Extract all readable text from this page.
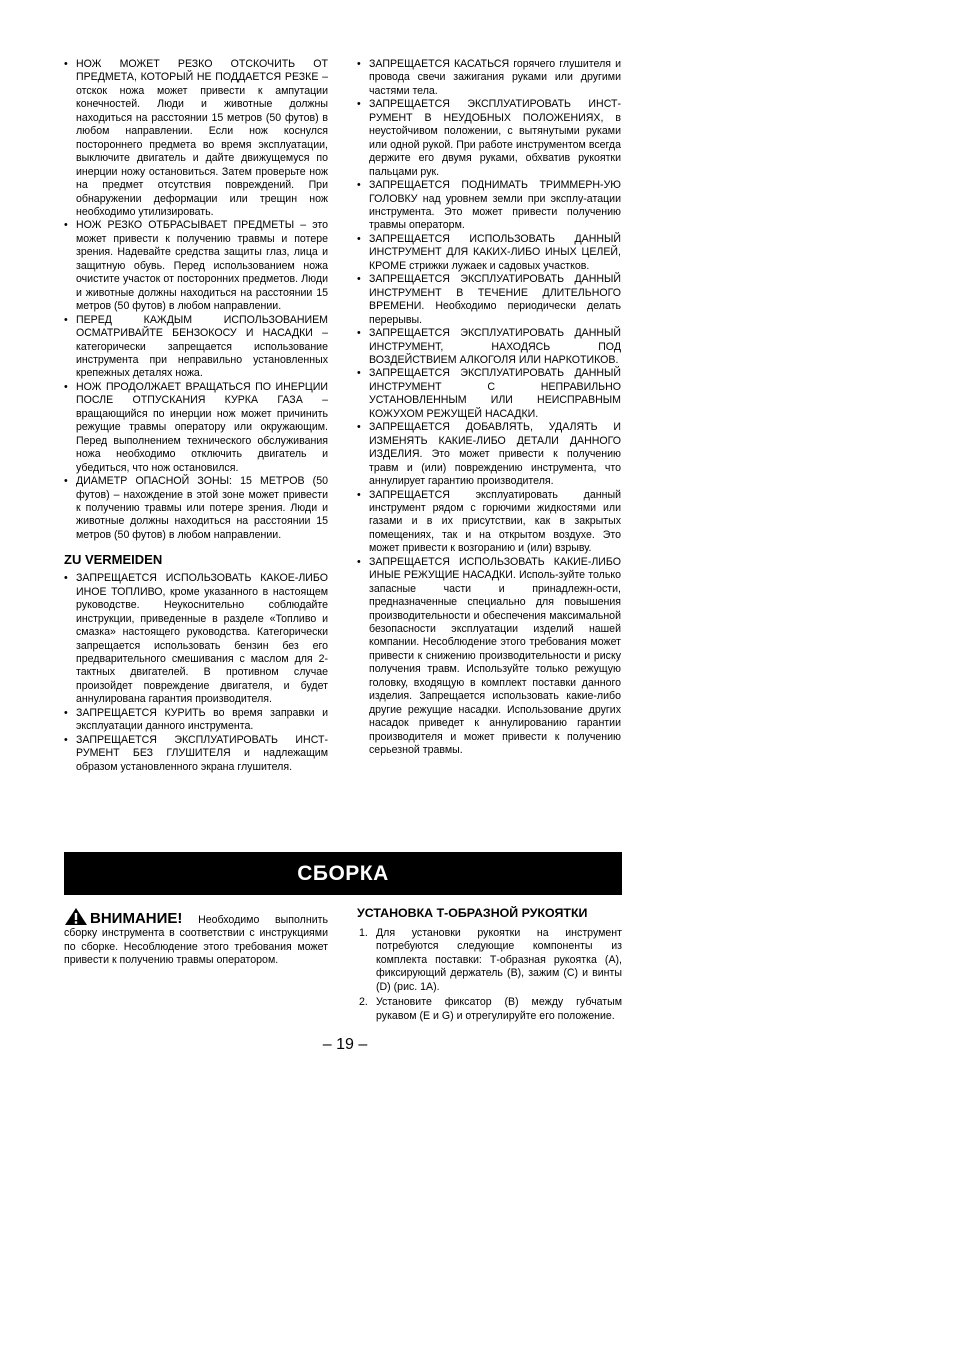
• НОЖ МОЖЕТ РЕЗКО ОТСКОЧИТЬ ОТ ПРЕДМЕТА, КОТОРЫЙ НЕ ПОДДАЕТСЯ РЕЗКЕ – отскок ножа может привести к ампутации конечностей. Люди и животные должны находиться на расстоянии 15 метров (50 футов) в любом направлении. Если нож коснулся постороннего предмета во время эксплуатации, выключите двигатель и дайте движущемуся по инерции ножу остановиться. Затем проверьте нож на предмет отсутствия повреждений. При обнаружении деформации или трещин нож необходимо утилизировать.
• НОЖ РЕЗКО ОТБРАСЫВАЕТ ПРЕДМЕТЫ – это может привести к получению травмы и потере зрения. Надевайте средства защиты глаз, лица и защитную обувь. Перед использованием ножа очистите участок от посторонних предметов. Люди и животные должны находиться на расстоянии 15 метров (50 футов) в любом направлении.
• ПЕРЕД КАЖДЫМ ИСПОЛЬЗОВАНИЕМ ОСМАТРИВАЙТЕ БЕНЗОКОСУ И НАСАДКИ – категорически запрещается использование инструмента при неправильно установленных крепежных деталях ножа.
• НОЖ ПРОДОЛЖАЕТ ВРАЩАТЬСЯ ПО ИНЕРЦИИ ПОСЛЕ ОТПУСКАНИЯ КУРКА ГАЗА – вращающийся по инерции нож может причинить режущие травмы оператору или окружающим. Перед выполнением технического обслуживания ножа необходимо отключить двигатель и убедиться, что нож остановился.
• ДИАМЕТР ОПАСНОЙ ЗОНЫ: 15 МЕТРОВ (50 футов) – нахождение в этой зоне может привести к получению травмы или потере зрения. Люди и животные должны находиться на расстоянии 15 метров (50 футов) в любом направлении.
ZU VERMEIDEN
• ЗАПРЕЩАЕТСЯ ИСПОЛЬЗОВАТЬ КАКОЕ-ЛИБО ИНОЕ ТОПЛИВО, кроме указанного в настоящем руководстве. Неукоснительно соблюдайте инструкции, приведенные в разделе «Топливо и смазка» настоящего руководства. Категорически запрещается использовать бензин без его предварительного смешивания с маслом для 2-тактных двигателей. В противном случае произойдет повреждение двигателя, и будет аннулирована гарантия производителя.
• ЗАПРЕЩАЕТСЯ КУРИТЬ во время заправки и эксплуатации данного инструмента.
• ЗАПРЕЩАЕТСЯ ЭКСПЛУАТИРОВАТЬ ИНСТ-РУМЕНТ БЕЗ ГЛУШИТЕЛЯ и надлежащим образом установленного экрана глушителя.
• ЗАПРЕЩАЕТСЯ КАСАТЬСЯ горячего глушителя и провода свечи зажигания руками или другими частями тела.
• ЗАПРЕЩАЕТСЯ ЭКСПЛУАТИРОВАТЬ ИНСТ-РУМЕНТ В НЕУДОБНЫХ ПОЛОЖЕНИЯХ, в неустойчивом положении, с вытянутыми руками или одной рукой. При работе инструментом всегда держите его двумя руками, обхватив рукоятки пальцами рук.
• ЗАПРЕЩАЕТСЯ ПОДНИМАТЬ ТРИММЕРН-УЮ ГОЛОВКУ над уровнем земли при эксплу-атации инструмента. Это может привести получению травмы операторм.
• ЗАПРЕЩАЕТСЯ ИСПОЛЬЗОВАТЬ ДАННЫЙ ИНСТРУМЕНТ ДЛЯ КАКИХ-ЛИБО ИНЫХ ЦЕЛЕЙ, КРОМЕ стрижки лужаек и садовых участков.
• ЗАПРЕЩАЕТСЯ ЭКСПЛУАТИРОВАТЬ ДАННЫЙ ИНСТРУМЕНТ В ТЕЧЕНИЕ ДЛИТЕЛЬНОГО ВРЕМЕНИ. Необходимо периодически делать перерывы.
• ЗАПРЕЩАЕТСЯ ЭКСПЛУАТИРОВАТЬ ДАННЫЙ ИНСТРУМЕНТ, НАХОДЯСЬ ПОД ВОЗДЕЙСТВИЕМ АЛКОГОЛЯ ИЛИ НАРКОТИКОВ.
• ЗАПРЕЩАЕТСЯ ЭКСПЛУАТИРОВАТЬ ДАННЫЙ ИНСТРУМЕНТ С НЕПРАВИЛЬНО УСТАНОВЛЕННЫМ ИЛИ НЕИСПРАВНЫМ КОЖУХОМ РЕЖУЩЕЙ НАСАДКИ.
• ЗАПРЕЩАЕТСЯ ДОБАВЛЯТЬ, УДАЛЯТЬ И ИЗМЕНЯТЬ КАКИЕ-ЛИБО ДЕТАЛИ ДАННОГО ИЗДЕЛИЯ. Это может привести к получению травм и (или) повреждению инструмента, что аннулирует гарантию производителя.
• ЗАПРЕЩАЕТСЯ эксплуатировать данный инструмент рядом с горючими жидкостями или газами и в их присутствии, как в закрытых помещениях, так и на открытом воздухе. Это может привести к возгоранию и (или) взрыву.
• ЗАПРЕЩАЕТСЯ ИСПОЛЬЗОВАТЬ КАКИЕ-ЛИБО ИНЫЕ РЕЖУЩИЕ НАСАДКИ. Исполь-зуйте только запасные части и принадлежн-ости, предназначенные специально для повышения производительности и обеспечения максимальной безопасности эксплуатации изделий нашей компании. Несоблюдение этого требования может привести к снижению производительности и риску получения травм. Используйте только режущую головку, входящую в комплект поставки данного изделия. Запрещается использовать какие-либо другие режущие насадки. Использование других насадок приведет к аннулированию гарантии производителя и может привести к получению серьезной травмы.
СБОРКА
ВНИМАНИЕ! Необходимо выполнить сборку инструмента в соответствии с инструкциями по сборке. Несоблюдение этого требования может привести к получению травмы оператором.
УСТАНОВКА Т-ОБРАЗНОЙ РУКОЯТКИ
1. Для установки рукоятки на инструмент потребуются следующие компоненты из комплекта поставки: Т-образная рукоятка (А), фиксирующий держатель (В), зажим (С) и винты (D) (рис. 1А).
2. Установите фиксатор (В) между губчатым рукавом (E и G) и отрегулируйте его положение.
– 19 –
